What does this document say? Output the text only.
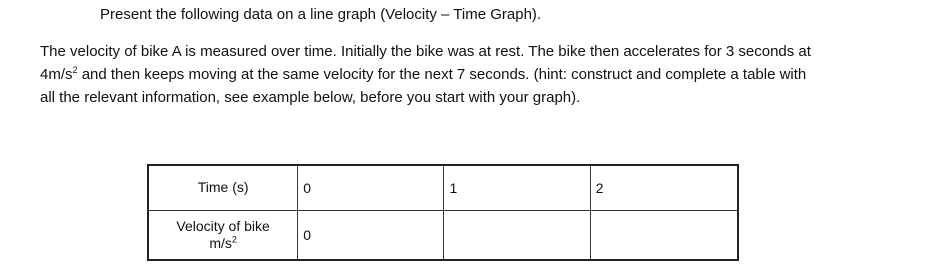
Present the following data on a line graph (Velocity – Time Graph).

The velocity of bike A is measured over time. Initially the bike was at rest. The bike then accelerates for 3 seconds at

$4m/s^2$ and then keeps moving at the same velocity for the next 7 seconds. (hint: construct and complete a table with

all the relevant information, see example below, before you start with your graph).

Time (s)	0	1	2

Velocity of bike
$m/s^2$	0		
